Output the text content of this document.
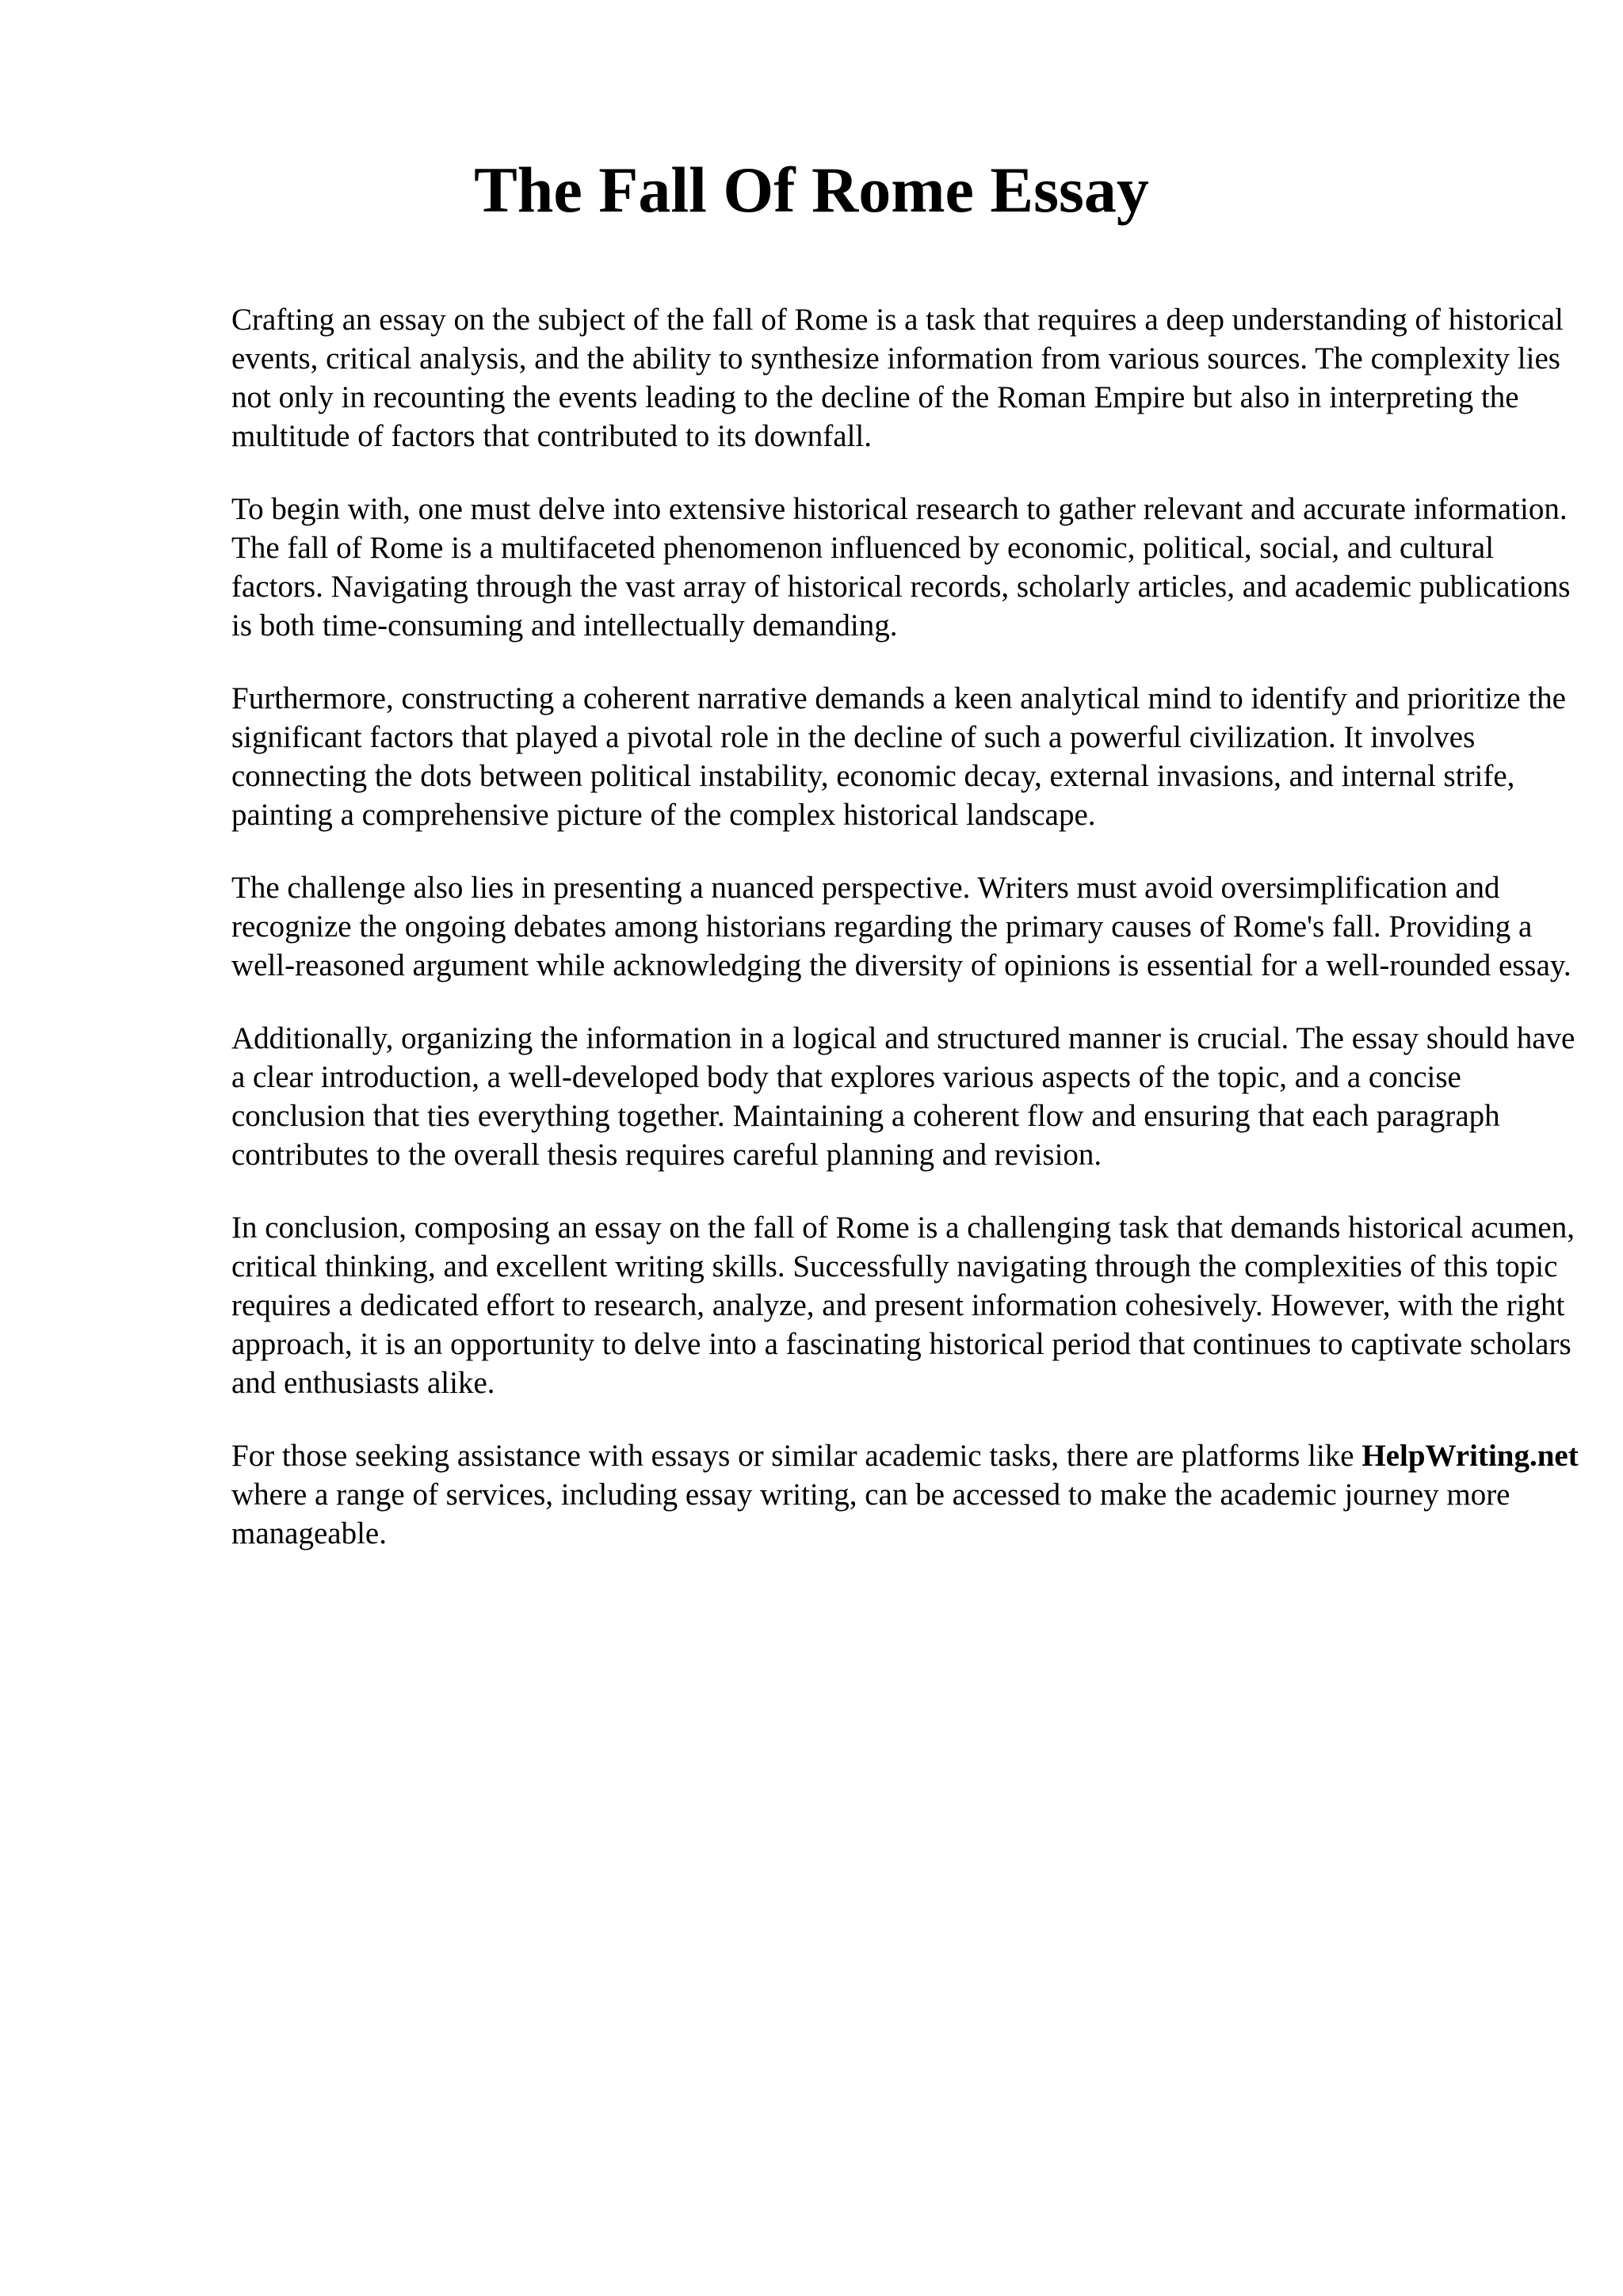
The Fall Of Rome Essay

Crafting an essay on the subject of the fall of Rome is a task that requires a deep understanding of historical events, critical analysis, and the ability to synthesize information from various sources. The complexity lies not only in recounting the events leading to the decline of the Roman Empire but also in interpreting the multitude of factors that contributed to its downfall.

To begin with, one must delve into extensive historical research to gather relevant and accurate information. The fall of Rome is a multifaceted phenomenon influenced by economic, political, social, and cultural factors. Navigating through the vast array of historical records, scholarly articles, and academic publications is both time-consuming and intellectually demanding.

Furthermore, constructing a coherent narrative demands a keen analytical mind to identify and prioritize the significant factors that played a pivotal role in the decline of such a powerful civilization. It involves connecting the dots between political instability, economic decay, external invasions, and internal strife, painting a comprehensive picture of the complex historical landscape.

The challenge also lies in presenting a nuanced perspective. Writers must avoid oversimplification and recognize the ongoing debates among historians regarding the primary causes of Rome's fall. Providing a well-reasoned argument while acknowledging the diversity of opinions is essential for a well-rounded essay.

Additionally, organizing the information in a logical and structured manner is crucial. The essay should have a clear introduction, a well-developed body that explores various aspects of the topic, and a concise conclusion that ties everything together. Maintaining a coherent flow and ensuring that each paragraph contributes to the overall thesis requires careful planning and revision.

In conclusion, composing an essay on the fall of Rome is a challenging task that demands historical acumen, critical thinking, and excellent writing skills. Successfully navigating through the complexities of this topic requires a dedicated effort to research, analyze, and present information cohesively. However, with the right approach, it is an opportunity to delve into a fascinating historical period that continues to captivate scholars and enthusiasts alike.

For those seeking assistance with essays or similar academic tasks, there are platforms like HelpWriting.net where a range of services, including essay writing, can be accessed to make the academic journey more manageable.
